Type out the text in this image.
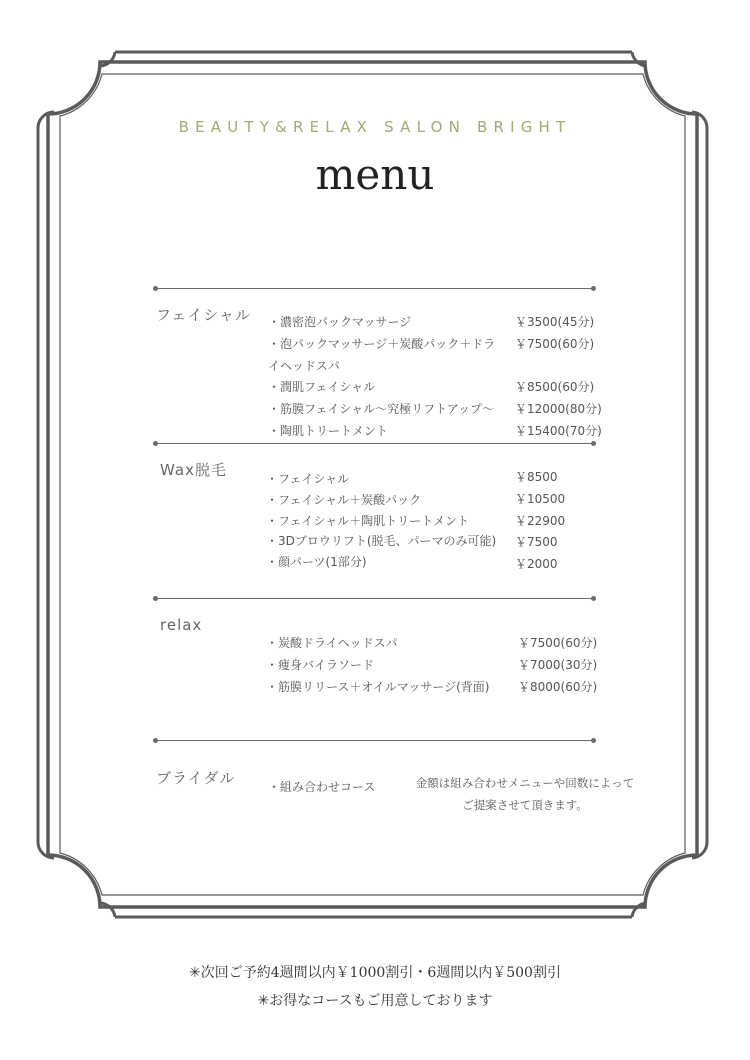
BEAUTY&RELAX SALON BRIGHT
menu
フェイシャル ・濃密泡パックマッサージ	￥3500(45分)
・泡パックマッサージ＋炭酸パック＋ドラ ￥7500(60分)
イヘッドスパ
・潤肌フェイシャル	￥8500(60分)
・筋膜フェイシャル〜究極リフトアップ〜 ￥12000(80分)
・陶肌トリートメント	￥15400(70分)
Wax脱毛	・フェイシャル	￥8500
・フェイシャル＋炭酸パック	￥10500
・フェイシャル＋陶肌トリートメント	￥22900
・3Dブロウリフト(脱毛、パーマのみ可能) ￥7500
・顔パーツ(1部分)	￥2000
relax
・炭酸ドライヘッドスパ	￥7500(60分)
・痩身バイラソード	￥7000(30分)
・筋膜リリース＋オイルマッサージ(背面) ￥8000(60分)
ブライダル	・組み合わせコース	金額は組み合わせメニューや回数によって
ご提案させて頂きます。
✳︎次回ご予約4週間以内￥1000割引・6週間以内￥500割引
✳︎お得なコースもご用意しております
